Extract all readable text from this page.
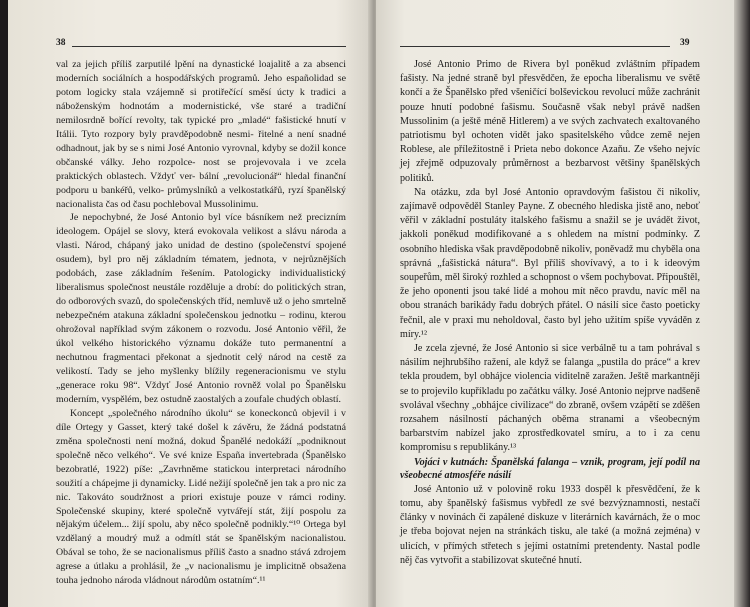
38

val za jejich příliš zarputilé lpění na dynastické loajalitě a za absenci moderních sociálních a hospodářských programů. Jeho españolidad se potom logicky stala vzájemně si protiřečící směsí úcty k tradici a náboženským hodnotám a modernistické, vše staré a tradiční nemilosrdně bořící revolty, tak typické pro „mladé“ fašistické hnutí v Itálii. Tyto rozpory byly pravděpodobně nesmi- řitelné a není snadné odhadnout, jak by se s nimi José Antonio vyrovnal, kdyby se dožil konce občanské války. Jeho rozpolce- nost se projevovala i ve zcela praktických oblastech. Vždyť ver- bální „revolucionář“ hledal finanční podporu u bankéřů, velko- průmyslníků a velkostatkářů, ryzí španělský nacionalista čas od času pochleboval Mussolinimu.

Je nepochybné, že José Antonio byl více básníkem než precizním ideologem. Opájel se slovy, která evokovala velikost a slávu národa a vlasti. Národ, chápaný jako unidad de destino (společenství spojené osudem), byl pro něj základním tématem, jednota, v nejrůznějších podobách, zase základním řešením. Patologicky individualistický liberalismus společnost neustále rozděluje a drobí: do politických stran, do odborových svazů, do společenských tříd, nemluvě už o jeho smrtelně nebezpečném atakuna základní společenskou jednotku – rodinu, kterou ohrožoval například svým zákonem o rozvodu. José Antonio věřil, že úkol velkého historického významu dokáže tuto permanentní a nechutnou fragmentaci překonat a sjednotit celý národ na cestě za velikostí. Tady se jeho myšlenky blížily regeneracionismu ve stylu „generace roku 98“. Vždyť José Antonio rovněž volal po Španělsku moderním, vyspělém, bez ostudně zaostalých a zoufale chudých oblastí.

Koncept „společného národního úkolu“ se koneckonců objevil i v díle Ortegy y Gasset, který také došel k závěru, že žádná podstatná změna společnosti není možná, dokud Španělé nedokáží „podniknout společně něco velkého“. Ve své knize España invertebrada (Španělsko bezobratlé, 1922) píše: „Zavrhněme statickou interpretaci národního soužití a chápejme ji dynamicky. Lidé nežijí společně jen tak a pro nic za nic. Takováto soudržnost a priori existuje pouze v rámci rodiny. Společenské skupiny, které společně vytvářejí stát, žijí pospolu za nějakým účelem... žijí spolu, aby něco společně podnikly.“¹⁰ Ortega byl vzdělaný a moudrý muž a odmítl stát se španělským nacionalistou. Obával se toho, že se nacionalismus příliš často a snadno stává zdrojem agrese a útlaku a prohlásil, že „v nacionalismu je implicitně obsažena touha jednoho národa vládnout národům ostatním“.¹¹

39

José Antonio Primo de Rivera byl poněkud zvláštním případem fašisty. Na jedné straně byl přesvědčen, že epocha liberalismu ve světě končí a že Španělsko před všeničící bolševickou revolucí může zachránit pouze hnutí podobné fašismu. Současně však nebyl právě nadšen Mussolinim (a ještě méně Hitlerem) a ve svých zachvatech exaltovaného patriotismu byl ochoten vidět jako spasitelského vůdce země nejen Roblese, ale příležitostně i Prieta nebo dokonce Azaňu. Ze všeho nejvíc jej zřejmě odpuzovaly průměrnost a bezbarvost většiny španělských politiků.

Na otázku, zda byl José Antonio opravdovým fašistou či nikoliv, zajímavě odpověděl Stanley Payne. Z obecného hlediska jistě ano, neboť věřil v základní postuláty italského fašismu a snažil se je uvádět život, jakkoli poněkud modifikované a s ohledem na místní podmínky. Z osobního hlediska však pravděpodobně nikoliv, poněvadž mu chyběla ona správná „fašistická nátura“. Byl příliš shovívavý, a to i k ideovým soupeřům, měl široký rozhled a schopnost o všem pochybovat. Připouštěl, že jeho oponenti jsou také lidé a mohou mít něco pravdu, navíc měl na obou stranách barikády řadu dobrých přátel. O násilí sice často poeticky řečnil, ale v praxi mu neholdoval, často byl jeho užitím spíše vyváděn z míry.¹²

Je zcela zjevné, že José Antonio si sice verbálně tu a tam pohrával s násilím nejhrubšího ražení, ale když se falanga „pustila do práce“ a krev tekla proudem, byl obhájce violencia viditelně zaražen. Ještě markantněji se to projevilo kupříkladu po začátku války. José Antonio nejprve nadšeně svolával všechny „obhájce civilizace“ do zbraně, ovšem vzápětí se zděšen rozsahem násilností páchaných oběma stranami a všeobecným barbarstvím nabízel jako zprostředkovatel smíru, a to i za cenu kompromisu s republikány.¹³

Vojáci v kutnách: Španělská falanga – vznik, program, její podíl na všeobecné atmosféře násilí

José Antonio už v polovině roku 1933 dospěl k přesvědčení, že k tomu, aby španělský fašismus vybředl ze své bezvýznamnosti, nestačí články v novinách či zapálené diskuze v literárních kavárnách, že o moc je třeba bojovat nejen na stránkách tisku, ale také (a možná zejména) v ulicích, v přímých střetech s jejími ostatními pretendenty. Nastal podle něj čas vytvořit a stabilizovat skutečné hnutí.
